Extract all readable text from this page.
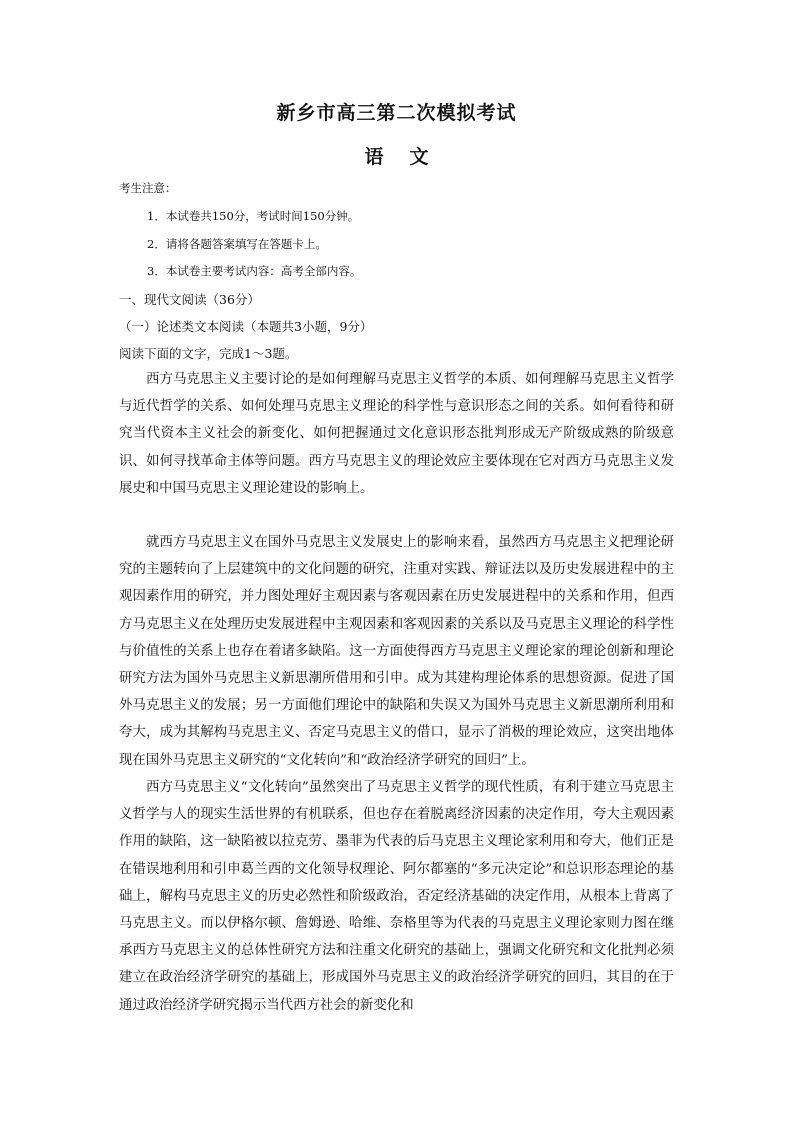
新乡市高三第二次模拟考试
语文
考生注意：
1．本试卷共150分，考试时间150分钟。
2．请将各题答案填写在答题卡上。
3．本试卷主要考试内容：高考全部内容。
一、现代文阅读（36分）
（一）论述类文本阅读（本题共3小题，9分）
阅读下面的文字，完成1～3题。

西方马克思主义主要讨论的是如何理解马克思主义哲学的本质、如何理解马克思主义哲学与近代哲学的关系、如何处理马克思主义理论的科学性与意识形态之间的关系。如何看待和研究当代资本主义社会的新变化、如何把握通过文化意识形态批判形成无产阶级成熟的阶级意识、如何寻找革命主体等问题。西方马克思主义的理论效应主要体现在它对西方马克思主义发展史和中国马克思主义理论建设的影响上。

就西方马克思主义在国外马克思主义发展史上的影响来看，虽然西方马克思主义把理论研究的主题转向了上层建筑中的文化问题的研究，注重对实践、辩证法以及历史发展进程中的主观因素作用的研究，并力图处理好主观因素与客观因素在历史发展进程中的关系和作用，但西方马克思主义在处理历史发展进程中主观因素和客观因素的关系以及马克思主义理论的科学性与价值性的关系上也存在着诸多缺陷。这一方面使得西方马克思主义理论家的理论创新和理论研究方法为国外马克思主义新思潮所借用和引申。成为其建构理论体系的思想资源。促进了国外马克思主义的发展；另一方面他们理论中的缺陷和失误又为国外马克思主义新思潮所利用和夸大，成为其解构马克思主义、否定马克思主义的借口，显示了消极的理论效应，这突出地体现在国外马克思主义研究的“文化转向”和“政治经济学研究的回归”上。

西方马克思主义“文化转向”虽然突出了马克思主义哲学的现代性质，有利于建立马克思主义哲学与人的现实生活世界的有机联系，但也存在着脱离经济因素的决定作用，夸大主观因素作用的缺陷，这一缺陷被以拉克劳、墨菲为代表的后马克思主义理论家利用和夸大，他们正是在错误地利用和引申葛兰西的文化领导权理论、阿尔都塞的“多元决定论”和总识形态理论的基础上，解构马克思主义的历史必然性和阶级政治，否定经济基础的决定作用，从根本上背离了马克思主义。而以伊格尔顿、詹姆逊、哈维、奈格里等为代表的马克思主义理论家则力图在继承西方马克思主义的总体性研究方法和注重文化研究的基础上，强调文化研究和文化批判必须建立在政治经济学研究的基础上，形成国外马克思主义的政治经济学研究的回归，其目的在于通过政治经济学研究揭示当代西方社会的新变化和
